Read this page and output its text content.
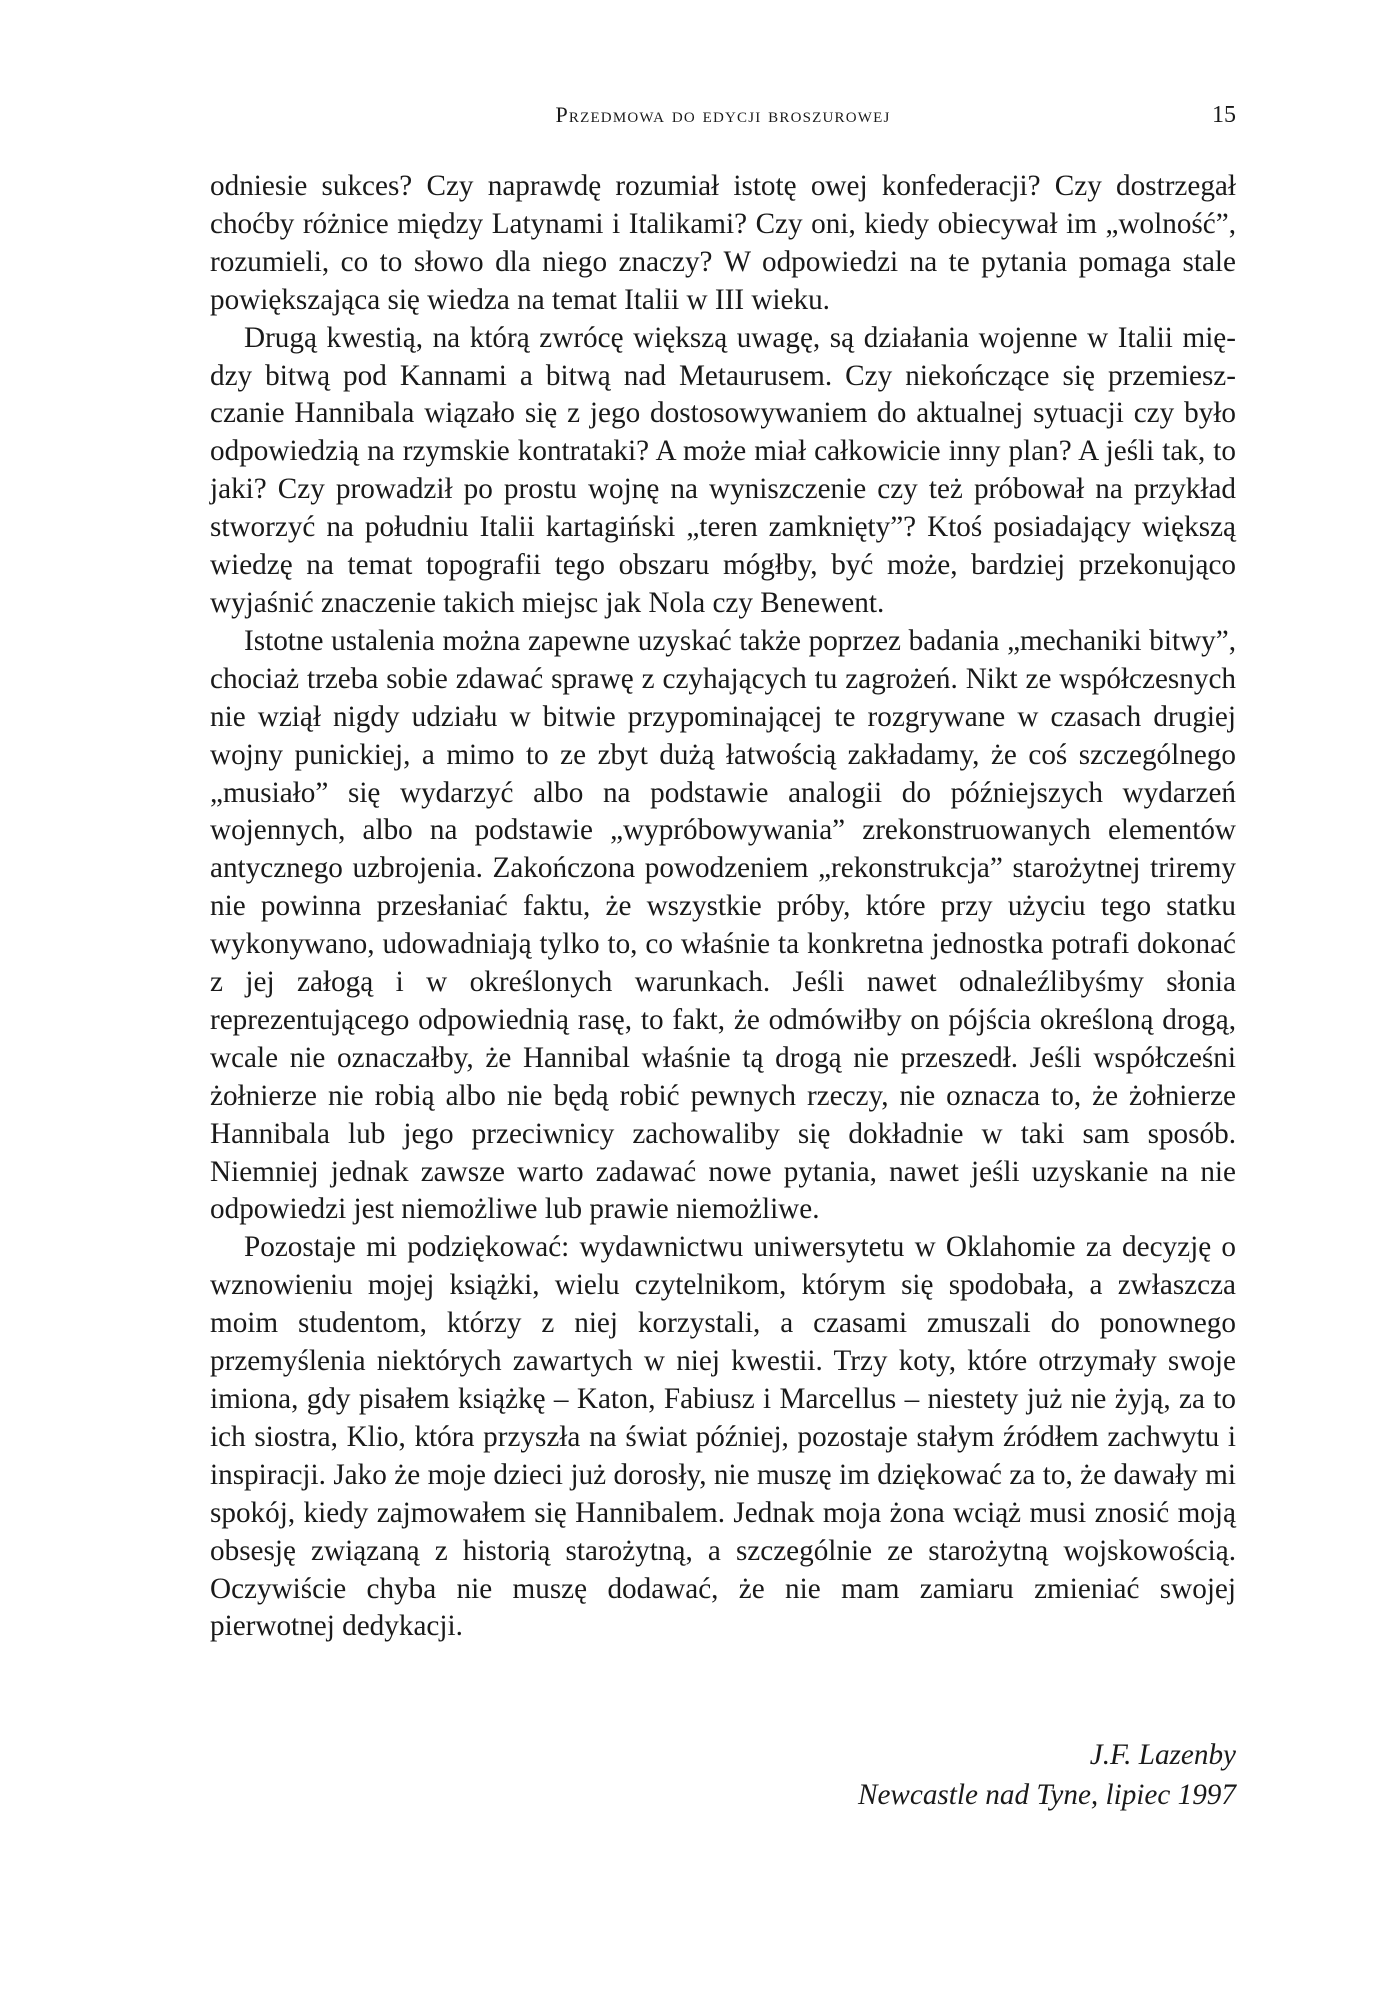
Przedmowa do edycji broszurowej	15

odniesie sukces? Czy naprawdę rozumiał istotę owej konfederacji? Czy dostrzegał choćby różnice między Latynami i Italikami? Czy oni, kiedy obiecywał im „wolność”, rozumieli, co to słowo dla niego znaczy? W odpowiedzi na te pytania pomaga stale powiększająca się wiedza na temat Italii w III wieku.

Drugą kwestią, na którą zwrócę większą uwagę, są działania wojenne w Italii między bitwą pod Kannami a bitwą nad Metaurusem. Czy niekończące się przemieszczanie Hannibala wiązało się z jego dostosowywaniem do aktualnej sytuacji czy było odpowiedzią na rzymskie kontrataki? A może miał całkowicie inny plan? A jeśli tak, to jaki? Czy prowadził po prostu wojnę na wyniszczenie czy też próbował na przykład stworzyć na południu Italii kartagiński „teren zamknięty”? Ktoś posiadający większą wiedzę na temat topografii tego obszaru mógłby, być może, bardziej przekonująco wyjaśnić znaczenie takich miejsc jak Nola czy Benewent.

Istotne ustalenia można zapewne uzyskać także poprzez badania „mechaniki bitwy”, chociaż trzeba sobie zdawać sprawę z czyhających tu zagrożeń. Nikt ze współczesnych nie wziął nigdy udziału w bitwie przypominającej te rozgrywane w czasach drugiej wojny punickiej, a mimo to ze zbyt dużą łatwością zakładamy, że coś szczególnego „musiało” się wydarzyć albo na podstawie analogii do późniejszych wydarzeń wojennych, albo na podstawie „wypróbowywania” zrekonstruowanych elementów antycznego uzbrojenia. Zakończona powodzeniem „rekonstrukcja” starożytnej triremy nie powinna przesłaniać faktu, że wszystkie próby, które przy użyciu tego statku wykonywano, udowadniają tylko to, co właśnie ta konkretna jednostka potrafi dokonać z jej załogą i w określonych warunkach. Jeśli nawet odnaleźlibyśmy słonia reprezentującego odpowiednią rasę, to fakt, że odmówiłby on pójścia określoną drogą, wcale nie oznaczałby, że Hannibal właśnie tą drogą nie przeszedł. Jeśli współcześni żołnierze nie robią albo nie będą robić pewnych rzeczy, nie oznacza to, że żołnierze Hannibala lub jego przeciwnicy zachowaliby się dokładnie w taki sam sposób. Niemniej jednak zawsze warto zadawać nowe pytania, nawet jeśli uzyskanie na nie odpowiedzi jest niemożliwe lub prawie niemożliwe.

Pozostaje mi podziękować: wydawnictwu uniwersytetu w Oklahomie za decyzję o wznowieniu mojej książki, wielu czytelnikom, którym się spodobała, a zwłaszcza moim studentom, którzy z niej korzystali, a czasami zmuszali do ponownego przemyślenia niektórych zawartych w niej kwestii. Trzy koty, które otrzymały swoje imiona, gdy pisałem książkę – Katon, Fabiusz i Marcellus – niestety już nie żyją, za to ich siostra, Klio, która przyszła na świat później, pozostaje stałym źródłem zachwytu i inspiracji. Jako że moje dzieci już dorosły, nie muszę im dziękować za to, że dawały mi spokój, kiedy zajmowałem się Hannibalem. Jednak moja żona wciąż musi znosić moją obsesję związaną z historią starożytną, a szczególnie ze starożytną wojskowością. Oczywiście chyba nie muszę dodawać, że nie mam zamiaru zmieniać swojej pierwotnej dedykacji.

J.F. Lazenby
Newcastle nad Tyne, lipiec 1997
